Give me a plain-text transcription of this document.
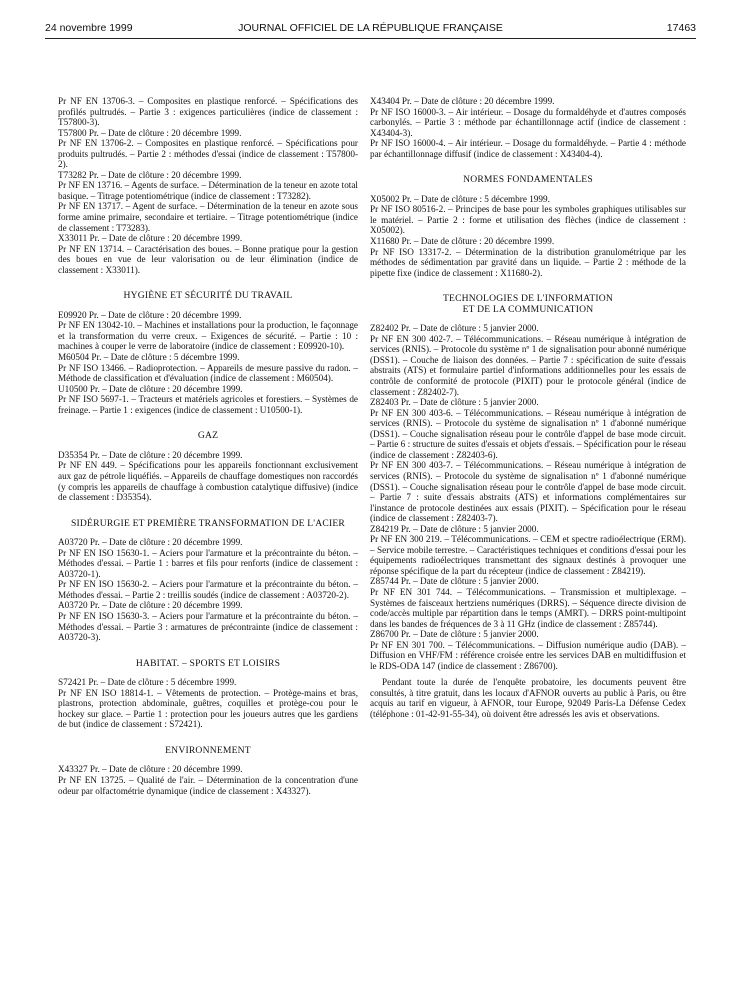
24 novembre 1999	JOURNAL OFFICIEL DE LA RÉPUBLIQUE FRANÇAISE	17463
Pr NF EN 13706-3. – Composites en plastique renforcé. – Spécifications des profilés pultrudés. – Partie 3 : exigences particulières (indice de classement : T57800-3).
T57800 Pr. – Date de clôture : 20 décembre 1999.
Pr NF EN 13706-2. – Composites en plastique renforcé. – Spécifications pour produits pultrudés. – Partie 2 : méthodes d'essai (indice de classement : T57800-2).
T73282 Pr. – Date de clôture : 20 décembre 1999.
Pr NF EN 13716. – Agents de surface. – Détermination de la teneur en azote total basique. – Titrage potentiométrique (indice de classement : T73282).
Pr NF EN 13717. – Agent de surface. – Détermination de la teneur en azote sous forme amine primaire, secondaire et tertiaire. – Titrage potentiométrique (indice de classement : T73283).
X33011 Pr. – Date de clôture : 20 décembre 1999.
Pr NF EN 13714. – Caractérisation des boues. – Bonne pratique pour la gestion des boues en vue de leur valorisation ou de leur élimination (indice de classement : X33011).
HYGIÈNE ET SÉCURITÉ DU TRAVAIL
E09920 Pr. – Date de clôture : 20 décembre 1999.
Pr NF EN 13042-10. – Machines et installations pour la production, le façonnage et la transformation du verre creux. – Exigences de sécurité. – Partie : 10 : machines à couper le verre de laboratoire (indice de classement : E09920-10).
M60504 Pr. – Date de clôture : 5 décembre 1999.
Pr NF ISO 13466. – Radioprotection. – Appareils de mesure passive du radon. – Méthode de classification et d'évaluation (indice de classement : M60504).
U10500 Pr. – Date de clôture : 20 décembre 1999.
Pr NF ISO 5697-1. – Tracteurs et matériels agricoles et forestiers. – Systèmes de freinage. – Partie 1 : exigences (indice de classement : U10500-1).
GAZ
D35354 Pr. – Date de clôture : 20 décembre 1999.
Pr NF EN 449. – Spécifications pour les appareils fonctionnant exclusivement aux gaz de pétrole liquéfiés. – Appareils de chauffage domestiques non raccordés (y compris les appareils de chauffage à combustion catalytique diffusive) (indice de classement : D35354).
SIDÉRURGIE ET PREMIÈRE TRANSFORMATION DE L'ACIER
A03720 Pr. – Date de clôture : 20 décembre 1999.
Pr NF EN ISO 15630-1. – Aciers pour l'armature et la précontrainte du béton. – Méthodes d'essai. – Partie 1 : barres et fils pour renforts (indice de classement : A03720-1).
Pr NF EN ISO 15630-2. – Aciers pour l'armature et la précontrainte du béton. – Méthodes d'essai. – Partie 2 : treillis soudés (indice de classement : A03720-2).
A03720 Pr. – Date de clôture : 20 décembre 1999.
Pr NF EN ISO 15630-3. – Aciers pour l'armature et la précontrainte du béton. – Méthodes d'essai. – Partie 3 : armatures de précontrainte (indice de classement : A03720-3).
HABITAT. – SPORTS ET LOISIRS
S72421 Pr. – Date de clôture : 5 décembre 1999.
Pr NF EN ISO 18814-1. – Vêtements de protection. – Protège-mains et bras, plastrons, protection abdominale, guêtres, coquilles et protège-cou pour le hockey sur glace. – Partie 1 : protection pour les joueurs autres que les gardiens de but (indice de classement : S72421).
ENVIRONNEMENT
X43327 Pr. – Date de clôture : 20 décembre 1999.
Pr NF EN 13725. – Qualité de l'air. – Détermination de la concentration d'une odeur par olfactométrie dynamique (indice de classement : X43327).
X43404 Pr. – Date de clôture : 20 décembre 1999.
Pr NF ISO 16000-3. – Air intérieur. – Dosage du formaldéhyde et d'autres composés carbonylés. – Partie 3 : méthode par échantillonnage actif (indice de classement : X43404-3).
Pr NF ISO 16000-4. – Air intérieur. – Dosage du formaldéhyde. – Partie 4 : méthode par échantillonnage diffusif (indice de classement : X43404-4).
NORMES FONDAMENTALES
X05002 Pr. – Date de clôture : 5 décembre 1999.
Pr NF ISO 80516-2. – Principes de base pour les symboles graphiques utilisables sur le matériel. – Partie 2 : forme et utilisation des flèches (indice de classement : X05002).
X11680 Pr. – Date de clôture : 20 décembre 1999.
Pr NF ISO 13317-2. – Détermination de la distribution granulométrique par les méthodes de sédimentation par gravité dans un liquide. – Partie 2 : méthode de la pipette fixe (indice de classement : X11680-2).
TECHNOLOGIES DE L'INFORMATION
ET DE LA COMMUNICATION
Z82402 Pr. – Date de clôture : 5 janvier 2000.
Pr NF EN 300 402-7. – Télécommunications. – Réseau numérique à intégration de services (RNIS). – Protocole du système nº 1 de signalisation pour abonné numérique (DSS1). – Couche de liaison des données. – Partie 7 : spécification de suite d'essais abstraits (ATS) et formulaire partiel d'informations additionnelles pour les essais de contrôle de conformité de protocole (PIXIT) pour le protocole général (indice de classement : Z82402-7).
Z82403 Pr. – Date de clôture : 5 janvier 2000.
Pr NF EN 300 403-6. – Télécommunications. – Réseau numérique à intégration de services (RNIS). – Protocole du système de signalisation nº 1 d'abonné numérique (DSS1). – Couche signalisation réseau pour le contrôle d'appel de base mode circuit. – Partie 6 : structure de suites d'essais et objets d'essais. – Spécification pour le réseau (indice de classement : Z82403-6).
Pr NF EN 300 403-7. – Télécommunications. – Réseau numérique à intégration de services (RNIS). – Protocole du système de signalisation nº 1 d'abonné numérique (DSS1). – Couche signalisation réseau pour le contrôle d'appel de base mode circuit. – Partie 7 : suite d'essais abstraits (ATS) et informations complémentaires sur l'instance de protocole destinées aux essais (PIXIT). – Spécification pour le réseau (indice de classement : Z82403-7).
Z84219 Pr. – Date de clôture : 5 janvier 2000.
Pr NF EN 300 219. – Télécommunications. – CEM et spectre radioélectrique (ERM). – Service mobile terrestre. – Caractéristiques techniques et conditions d'essai pour les équipements radioélectriques transmettant des signaux destinés à provoquer une réponse spécifique de la part du récepteur (indice de classement : Z84219).
Z85744 Pr. – Date de clôture : 5 janvier 2000.
Pr NF EN 301 744. – Télécommunications. – Transmission et multiplexage. – Systèmes de faisceaux hertziens numériques (DRRS). – Séquence directe division de code/accès multiple par répartition dans le temps (AMRT). – DRRS point-multipoint dans les bandes de fréquences de 3 à 11 GHz (indice de classement : Z85744).
Z86700 Pr. – Date de clôture : 5 janvier 2000.
Pr NF EN 301 700. – Télécommunications. – Diffusion numérique audio (DAB). – Diffusion en VHF/FM : référence croisée entre les services DAB en multidiffusion et le RDS-ODA 147 (indice de classement : Z86700).
Pendant toute la durée de l'enquête probatoire, les documents peuvent être consultés, à titre gratuit, dans les locaux d'AFNOR ouverts au public à Paris, ou être acquis au tarif en vigueur, à AFNOR, tour Europe, 92049 Paris-La Défense Cedex (téléphone : 01-42-91-55-34), où doivent être adressés les avis et observations.
